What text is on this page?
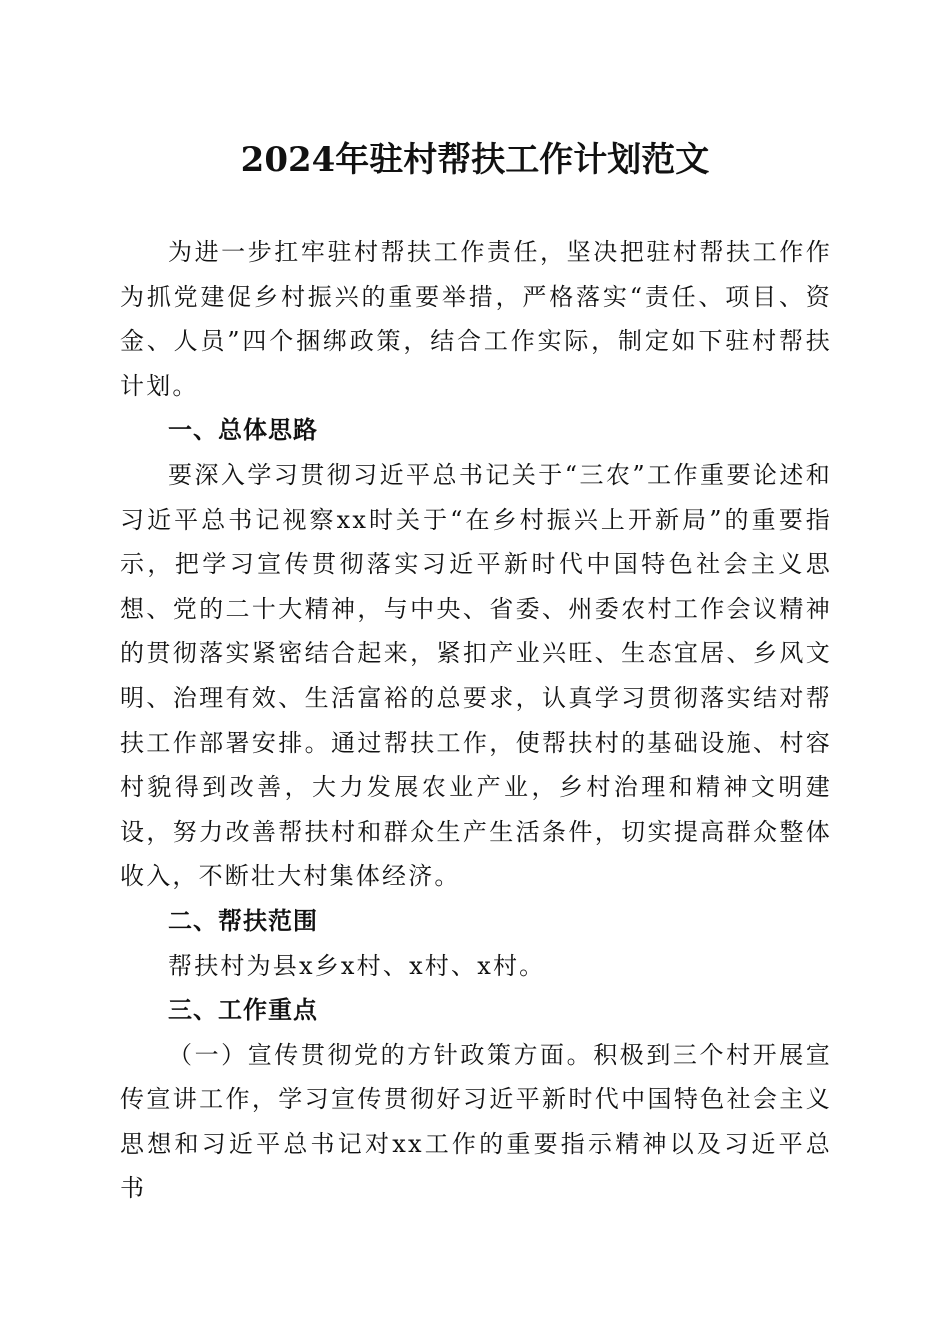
2024年驻村帮扶工作计划范文

为进一步扛牢驻村帮扶工作责任，坚决把驻村帮扶工作作为抓党建促乡村振兴的重要举措，严格落实“责任、项目、资金、人员”四个捆绑政策，结合工作实际，制定如下驻村帮扶计划。

一、总体思路

要深入学习贯彻习近平总书记关于“三农”工作重要论述和习近平总书记视察xx时关于“在乡村振兴上开新局”的重要指示，把学习宣传贯彻落实习近平新时代中国特色社会主义思想、党的二十大精神，与中央、省委、州委农村工作会议精神的贯彻落实紧密结合起来，紧扣产业兴旺、生态宜居、乡风文明、治理有效、生活富裕的总要求，认真学习贯彻落实结对帮扶工作部署安排。通过帮扶工作，使帮扶村的基础设施、村容村貌得到改善，大力发展农业产业，乡村治理和精神文明建设，努力改善帮扶村和群众生产生活条件，切实提高群众整体收入，不断壮大村集体经济。

二、帮扶范围

帮扶村为县x乡x村、x村、x村。

三、工作重点

（一）宣传贯彻党的方针政策方面。积极到三个村开展宣传宣讲工作，学习宣传贯彻好习近平新时代中国特色社会主义思想和习近平总书记对xx工作的重要指示精神以及习近平总书
